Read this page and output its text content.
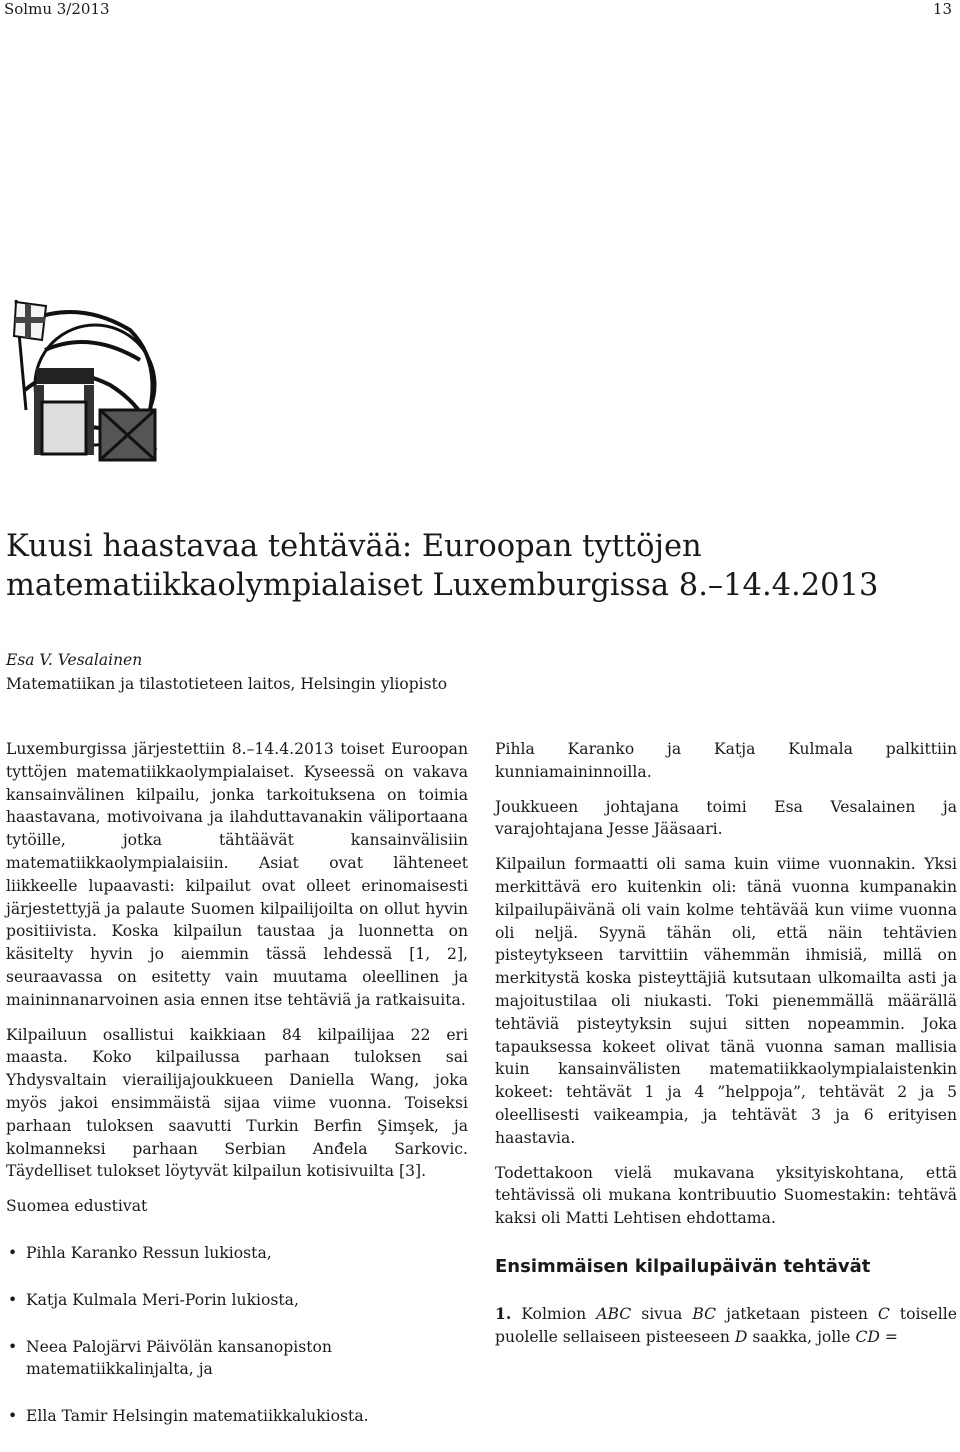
Solmu 3/2013	13
Kuusi haastavaa tehtävää: Euroopan tyttöjen matematiikkaolympialaiset Luxemburgissa 8.–14.4.2013
Esa V. Vesalainen
Matematiikan ja tilastotieteen laitos, Helsingin yliopisto

Luxemburgissa järjestettiin 8.–14.4.2013 toiset Euroopan tyttöjen matematiikkaolympialaiset. Kyseessä on vakava kansainvälinen kilpailu, jonka tarkoituksena on toimia haastavana, motivoivana ja ilahduttavanakin väliportaana tytöille, jotka tähtäävät kansainvälisiin matematiikkaolympialaisiin. Asiat ovat lähteneet liikkeelle lupaavasti: kilpailut ovat olleet erinomaisesti järjestettyjä ja palaute Suomen kilpailijoilta on ollut hyvin positiivista. Koska kilpailun taustaa ja luonnetta on käsitelty hyvin jo aiemmin tässä lehdessä [1, 2], seuraavassa on esitetty vain muutama oleellinen ja maininnanarvoinen asia ennen itse tehtäviä ja ratkaisuita.

Kilpailuun osallistui kaikkiaan 84 kilpailijaa 22 eri maasta. Koko kilpailussa parhaan tuloksen sai Yhdysvaltain vierailijajoukkueen Daniella Wang, joka myös jakoi ensimmäistä sijaa viime vuonna. Toiseksi parhaan tuloksen saavutti Turkin Berfin Şimşek, ja kolmanneksi parhaan Serbian Anđela Sarkovic. Täydelliset tulokset löytyvät kilpailun kotisivuilta [3].

Suomea edustivat

• Pihla Karanko Ressun lukiosta,
• Katja Kulmala Meri-Porin lukiosta,
• Neea Palojärvi Päivölän kansanopiston matematiikkalinjalta, ja
• Ella Tamir Helsingin matematiikkalukiosta.

Pihla Karanko ja Katja Kulmala palkittiin kunniamaininnoilla.

Joukkueen johtajana toimi Esa Vesalainen ja varajohtajana Jesse Jääsaari.

Kilpailun formaatti oli sama kuin viime vuonnakin. Yksi merkittävä ero kuitenkin oli: tänä vuonna kumpanakin kilpailupäivänä oli vain kolme tehtävää kun viime vuonna oli neljä. Syynä tähän oli, että näin tehtävien pisteytykseen tarvittiin vähemmän ihmisiä, millä on merkitystä koska pisteyttäjiä kutsutaan ulkomailta asti ja majoitustilaa oli niukasti. Toki pienemmällä määrällä tehtäviä pisteytyksin sujui sitten nopeammin. Joka tapauksessa kokeet olivat tänä vuonna saman mallisia kuin kansainvälisten matematiikkaolympialaistenkin kokeet: tehtävät 1 ja 4 ”helppoja”, tehtävät 2 ja 5 oleellisesti vaikeampia, ja tehtävät 3 ja 6 erityisen haastavia.

Todettakoon vielä mukavana yksityiskohtana, että tehtävissä oli mukana kontribuutio Suomestakin: tehtävä kaksi oli Matti Lehtisen ehdottama.

Ensimmäisen kilpailupäivän tehtävät

1. Kolmion ABC sivua BC jatketaan pisteen C toiselle puolelle sellaiseen pisteeseen D saakka, jolle CD =
